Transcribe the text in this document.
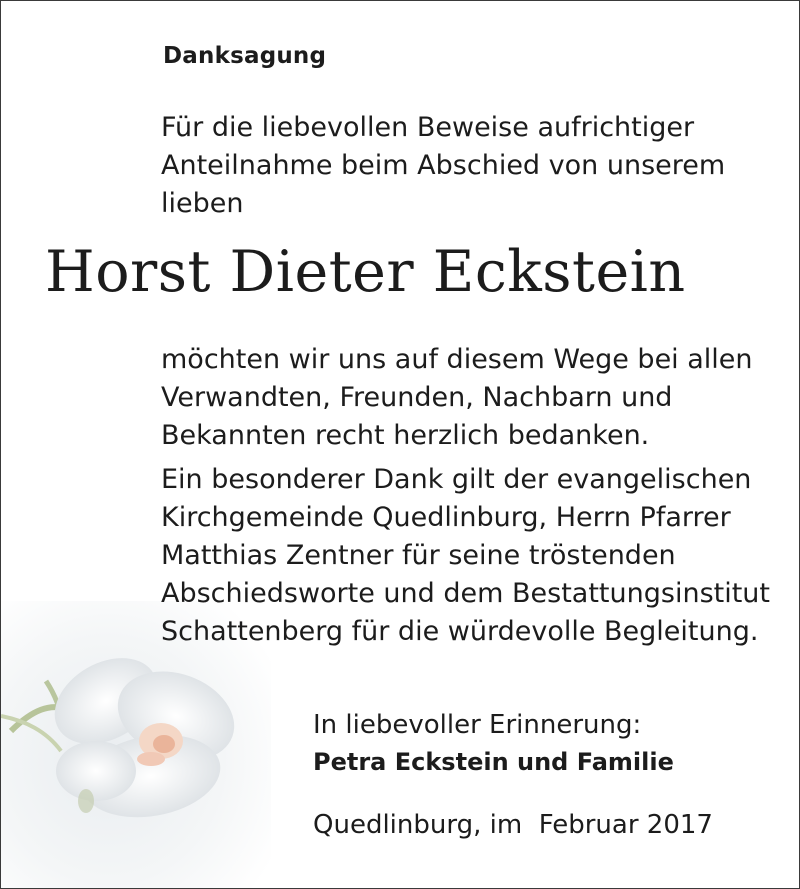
Danksagung

Für die liebevollen Beweise aufrichtiger Anteilnahme beim Abschied von unserem lieben

Horst Dieter Eckstein

möchten wir uns auf diesem Wege bei allen Verwandten, Freunden, Nachbarn und Bekannten recht herzlich bedanken.

Ein besonderer Dank gilt der evangelischen Kirchgemeinde Quedlinburg, Herrn Pfarrer Matthias Zentner für seine tröstenden Abschiedsworte und dem Bestattungsinstitut Schattenberg für die würdevolle Begleitung.

In liebevoller Erinnerung:
Petra Eckstein und Familie
Quedlinburg, im  Februar 2017
